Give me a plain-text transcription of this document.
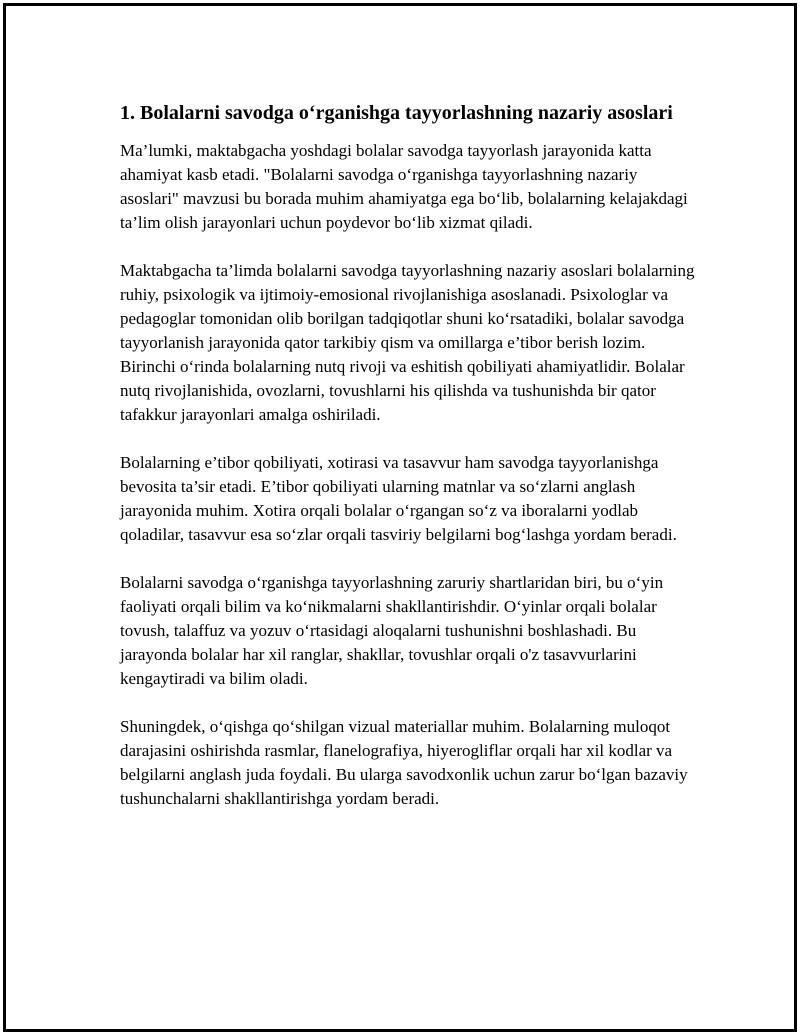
1. Bolalarni savodga o‘rganishga tayyorlashning nazariy asoslari

Ma’lumki, maktabgacha yoshdagi bolalar savodga tayyorlash jarayonida katta ahamiyat kasb etadi. "Bolalarni savodga o‘rganishga tayyorlashning nazariy asoslari" mavzusi bu borada muhim ahamiyatga ega bo‘lib, bolalarning kelajakdagi ta’lim olish jarayonlari uchun poydevor bo‘lib xizmat qiladi.

Maktabgacha ta’limda bolalarni savodga tayyorlashning nazariy asoslari bolalarning ruhiy, psixologik va ijtimoiy-emosional rivojlanishiga asoslanadi. Psixologlar va pedagoglar tomonidan olib borilgan tadqiqotlar shuni ko‘rsatadiki, bolalar savodga tayyorlanish jarayonida qator tarkibiy qism va omillarga e’tibor berish lozim. Birinchi o‘rinda bolalarning nutq rivoji va eshitish qobiliyati ahamiyatlidir. Bolalar nutq rivojlanishida, ovozlarni, tovushlarni his qilishda va tushunishda bir qator tafakkur jarayonlari amalga oshiriladi.

Bolalarning e’tibor qobiliyati, xotirasi va tasavvur ham savodga tayyorlanishga bevosita ta’sir etadi. E’tibor qobiliyati ularning matnlar va so‘zlarni anglash jarayonida muhim. Xotira orqali bolalar o‘rgangan so‘z va iboralarni yodlab qoladilar, tasavvur esa so‘zlar orqali tasviriy belgilarni bog‘lashga yordam beradi.

Bolalarni savodga o‘rganishga tayyorlashning zaruriy shartlaridan biri, bu o‘yin faoliyati orqali bilim va ko‘nikmalarni shakllantirishdir. O‘yinlar orqali bolalar tovush, talaffuz va yozuv o‘rtasidagi aloqalarni tushunishni boshlashadi. Bu jarayonda bolalar har xil ranglar, shakllar, tovushlar orqali o'z tasavvurlarini kengaytiradi va bilim oladi.

Shuningdek, o‘qishga qo‘shilgan vizual materiallar muhim. Bolalarning muloqot darajasini oshirishda rasmlar, flanelografiya, hiyerogliflar orqali har xil kodlar va belgilarni anglash juda foydali. Bu ularga savodxonlik uchun zarur bo‘lgan bazaviy tushunchalarni shakllantirishga yordam beradi.
